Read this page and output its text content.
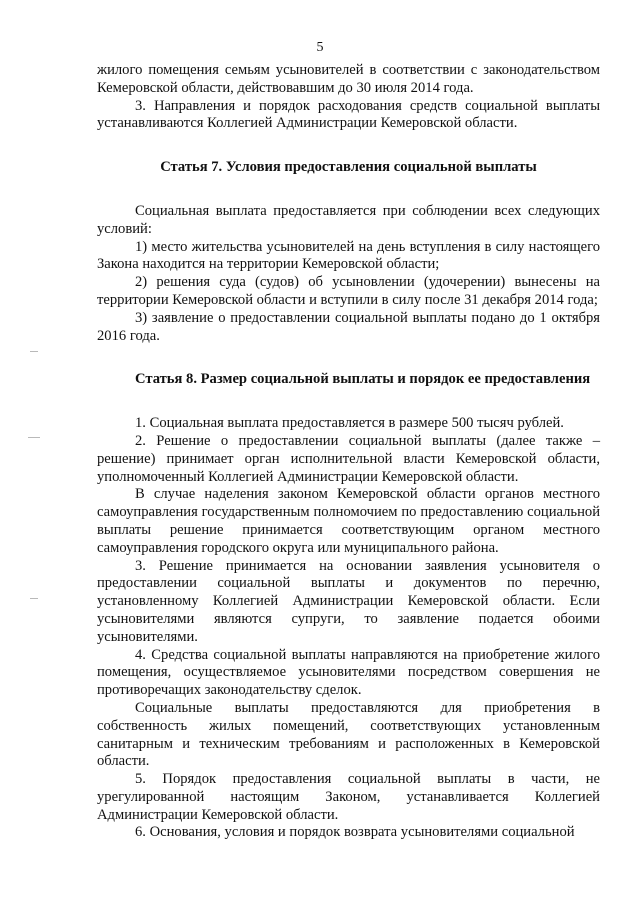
5

жилого помещения семьям усыновителей в соответствии с законодательством Кемеровской области, действовавшим до 30 июля 2014 года.

3. Направления и порядок расходования средств социальной выплаты устанавливаются Коллегией Администрации Кемеровской области.

Статья 7. Условия предоставления социальной выплаты

Социальная выплата предоставляется при соблюдении всех следующих условий:

1) место жительства усыновителей на день вступления в силу настоящего Закона находится на территории Кемеровской области;

2) решения суда (судов) об усыновлении (удочерении) вынесены на территории Кемеровской области и вступили в силу после 31 декабря 2014 года;

3) заявление о предоставлении социальной выплаты подано до 1 октября 2016 года.

Статья 8. Размер социальной выплаты и порядок ее предоставления

1. Социальная выплата предоставляется в размере 500 тысяч рублей.

2. Решение о предоставлении социальной выплаты (далее также – решение) принимает орган исполнительной власти Кемеровской области, уполномоченный Коллегией Администрации Кемеровской области.

В случае наделения законом Кемеровской области органов местного самоуправления государственным полномочием по предоставлению социальной выплаты решение принимается соответствующим органом местного самоуправления городского округа или муниципального района.

3. Решение принимается на основании заявления усыновителя о предоставлении социальной выплаты и документов по перечню, установленному Коллегией Администрации Кемеровской области. Если усыновителями являются супруги, то заявление подается обоими усыновителями.

4. Средства социальной выплаты направляются на приобретение жилого помещения, осуществляемое усыновителями посредством совершения не противоречащих законодательству сделок.

Социальные выплаты предоставляются для приобретения в собственность жилых помещений, соответствующих установленным санитарным и техническим требованиям и расположенных в Кемеровской области.

5. Порядок предоставления социальной выплаты в части, не урегулированной настоящим Законом, устанавливается Коллегией Администрации Кемеровской области.

6. Основания, условия и порядок возврата усыновителями социальной
